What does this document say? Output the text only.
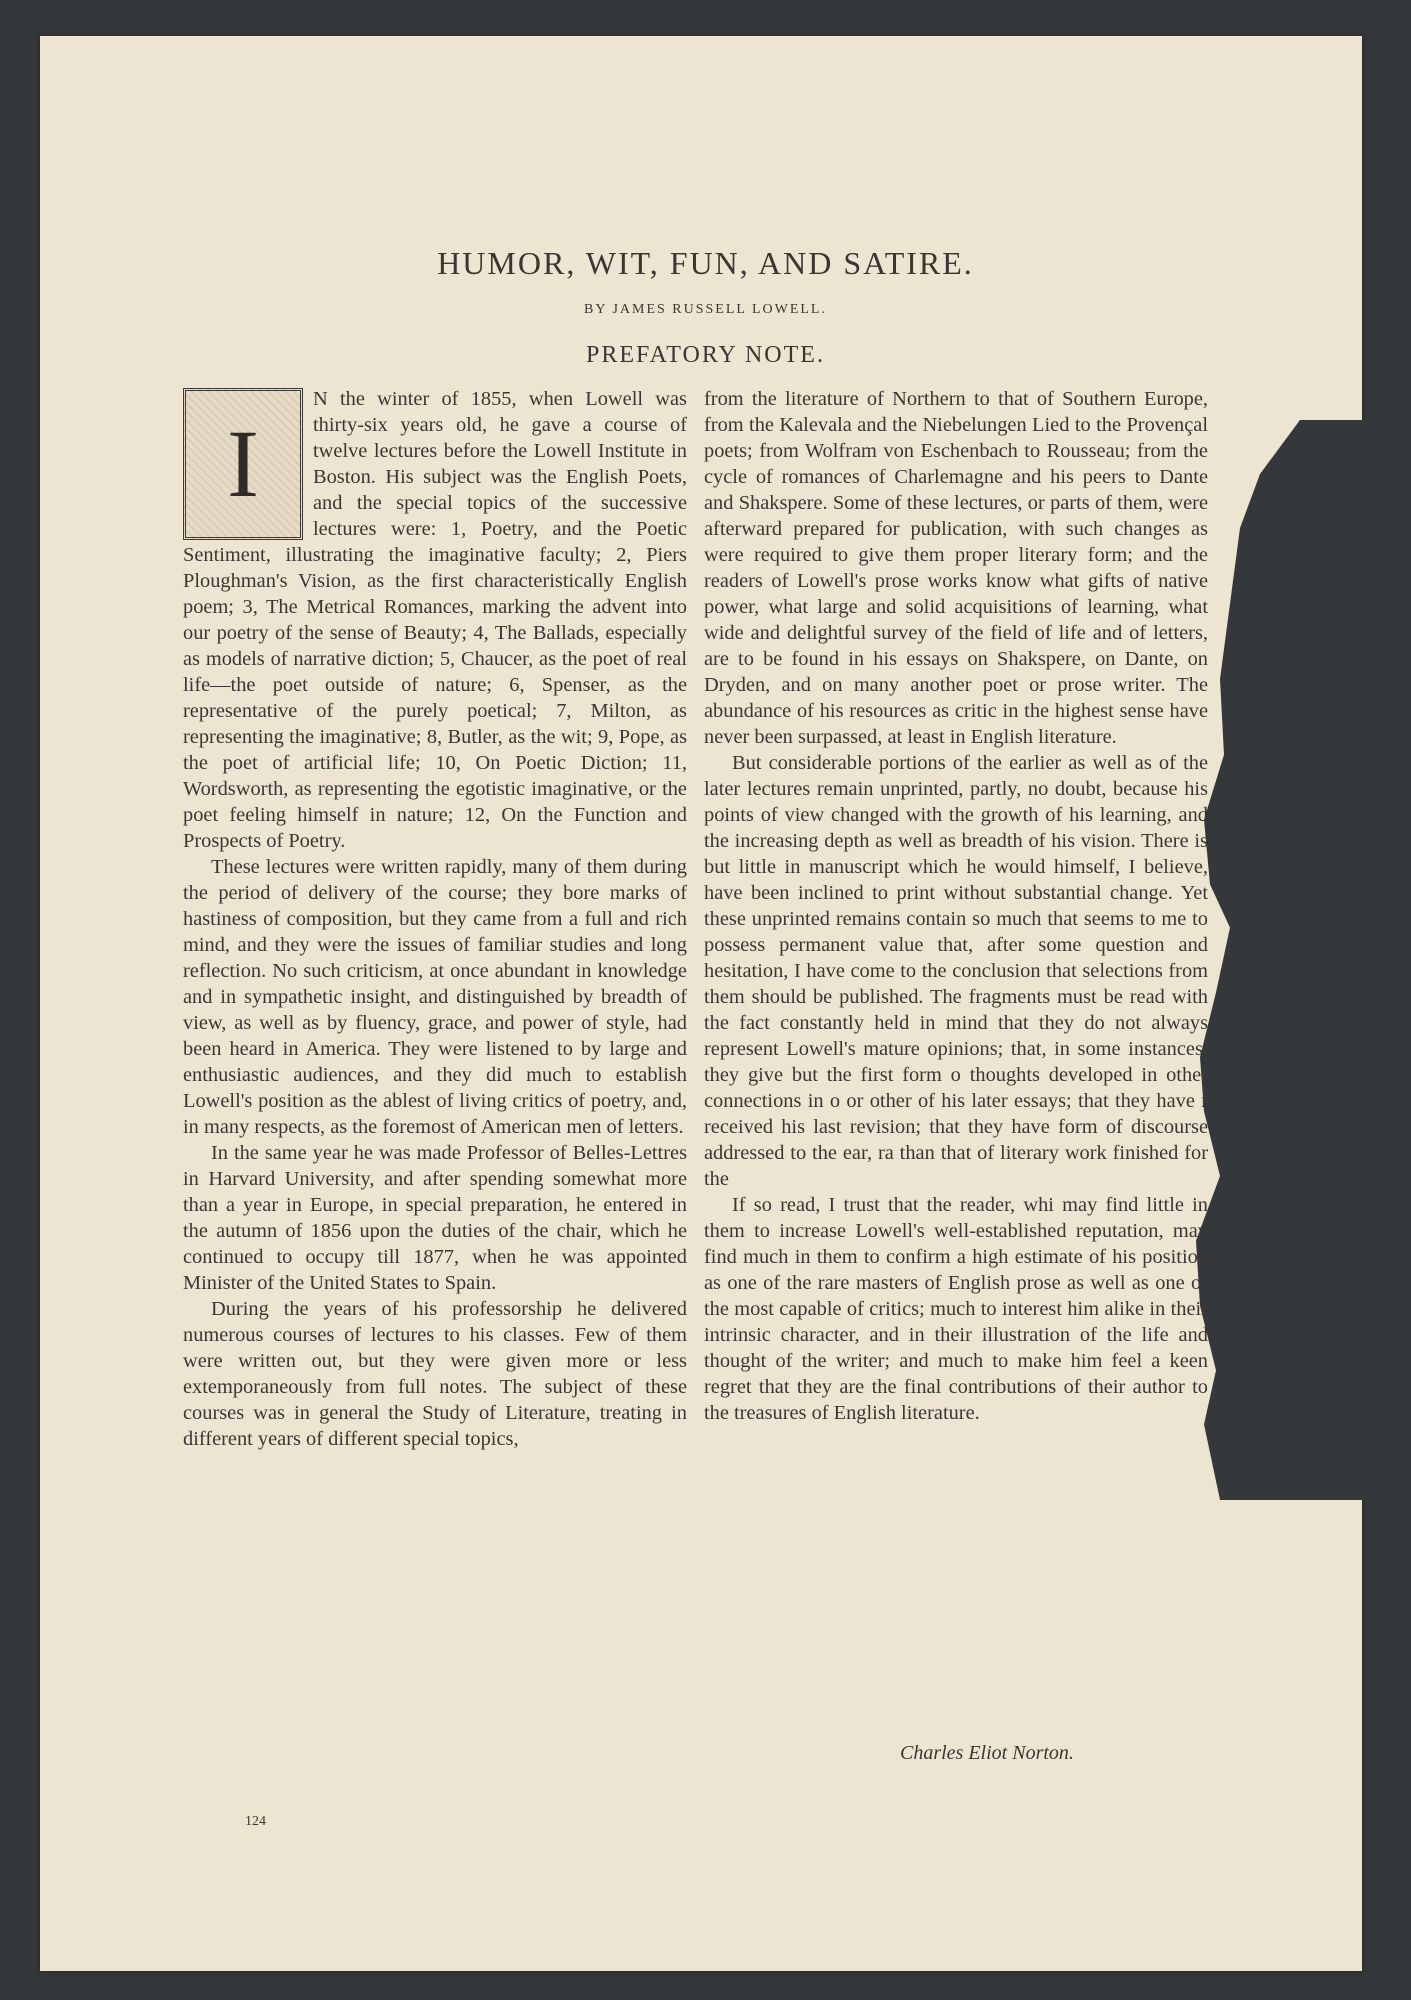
HUMOR, WIT, FUN, AND SATIRE.
BY JAMES RUSSELL LOWELL.
PREFATORY NOTE.
I

N the winter of 1855, when Lowell was thirty-six years old, he gave a course of twelve lectures before the Lowell Institute in Boston. His subject was the English Poets, and the special topics of the successive lectures were: 1, Poetry, and the Poetic Sentiment, illustrating the imaginative faculty; 2, Piers Ploughman's Vision, as the first characteristically English poem; 3, The Metrical Romances, marking the advent into our poetry of the sense of Beauty; 4, The Ballads, especially as models of narrative diction; 5, Chaucer, as the poet of real life—the poet outside of nature; 6, Spenser, as the representative of the purely poetical; 7, Milton, as representing the imaginative; 8, Butler, as the wit; 9, Pope, as the poet of artificial life; 10, On Poetic Diction; 11, Wordsworth, as representing the egotistic imaginative, or the poet feeling himself in nature; 12, On the Function and Prospects of Poetry.

These lectures were written rapidly, many of them during the period of delivery of the course; they bore marks of hastiness of composition, but they came from a full and rich mind, and they were the issues of familiar studies and long reflection. No such criticism, at once abundant in knowledge and in sympathetic insight, and distinguished by breadth of view, as well as by fluency, grace, and power of style, had been heard in America. They were listened to by large and enthusiastic audiences, and they did much to establish Lowell's position as the ablest of living critics of poetry, and, in many respects, as the foremost of American men of letters.

In the same year he was made Professor of Belles-Lettres in Harvard University, and after spending somewhat more than a year in Europe, in special preparation, he entered in the autumn of 1856 upon the duties of the chair, which he continued to occupy till 1877, when he was appointed Minister of the United States to Spain.

During the years of his professorship he delivered numerous courses of lectures to his classes. Few of them were written out, but they were given more or less extemporaneously from full notes. The subject of these courses was in general the Study of Literature, treating in different years of different special topics,

from the literature of Northern to that of Southern Europe, from the Kalevala and the Niebelungen Lied to the Provençal poets; from Wolfram von Eschenbach to Rousseau; from the cycle of romances of Charlemagne and his peers to Dante and Shakspere. Some of these lectures, or parts of them, were afterward prepared for publication, with such changes as were required to give them proper literary form; and the readers of Lowell's prose works know what gifts of native power, what large and solid acquisitions of learning, what wide and delightful survey of the field of life and of letters, are to be found in his essays on Shakspere, on Dante, on Dryden, and on many another poet or prose writer. The abundance of his resources as critic in the highest sense have never been surpassed, at least in English literature.

But considerable portions of the earlier as well as of the later lectures remain unprinted, partly, no doubt, because his points of view changed with the growth of his learning, and the increasing depth as well as breadth of his vision. There is but little in manuscript which he would himself, I believe, have been inclined to print without substantial change. Yet these unprinted remains contain so much that seems to me to possess permanent value that, after some question and hesitation, I have come to the conclusion that selections from them should be published. The fragments must be read with the fact constantly held in mind that they do not always represent Lowell's mature opinions; that, in some instances, they give but the first form o thoughts developed in other connections in o or other of his later essays; that they have r received his last revision; that they have form of discourse addressed to the ear, ra than that of literary work finished for the

If so read, I trust that the reader, whi may find little in them to increase Lowell's well-established reputation, may find much in them to confirm a high estimate of his position as one of the rare masters of English prose as well as one of the most capable of critics; much to interest him alike in their intrinsic character, and in their illustration of the life and thought of the writer; and much to make him feel a keen regret that they are the final contributions of their author to the treasures of English literature.

Charles Eliot Norton.
124
